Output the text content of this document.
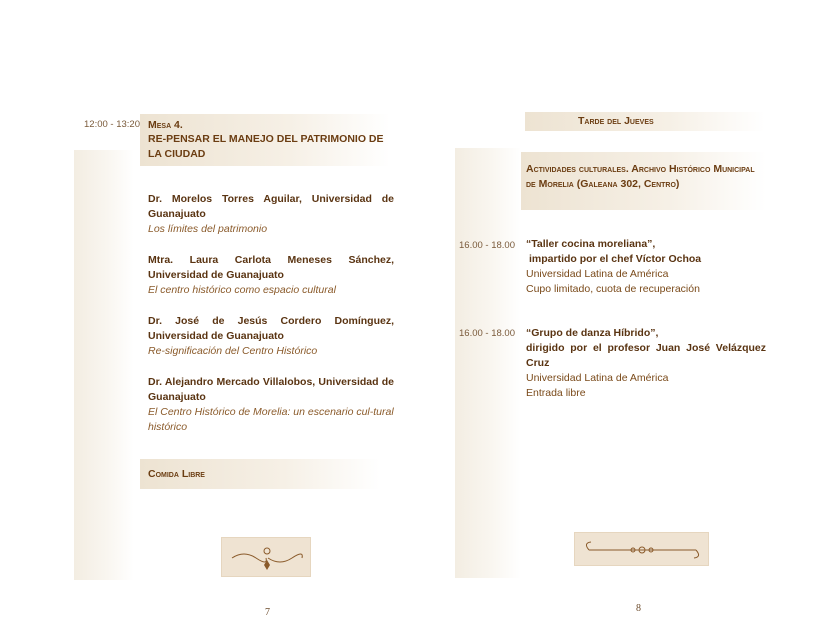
12:00 - 13:20 Mesa 4.
RE-PENSAR EL MANEJO DEL PATRIMONIO DE LA CIUDAD
Dr. Morelos Torres Aguilar, Universidad de Guanajuato
Los límites del patrimonio
Mtra. Laura Carlota Meneses Sánchez, Universidad de Guanajuato
El centro histórico como espacio cultural
Dr. José de Jesús Cordero Domínguez, Universidad de Guanajuato
Re-significación del Centro Histórico
Dr. Alejandro Mercado Villalobos, Universidad de Guanajuato
El Centro Histórico de Morelia: un escenario cul-tural histórico
Comida Libre
7
Tarde del Jueves
Actividades culturales. Archivo Histórico Municipal de Morelia (Galeana 302, Centro)
16.00 - 18.00 “Taller cocina moreliana”,
impartido por el chef Víctor Ochoa
Universidad Latina de América
Cupo limitado, cuota de recuperación
16.00 - 18.00 “Grupo de danza Híbrido”,
dirigido por el profesor Juan José Velázquez Cruz
Universidad Latina de América
Entrada libre
8
